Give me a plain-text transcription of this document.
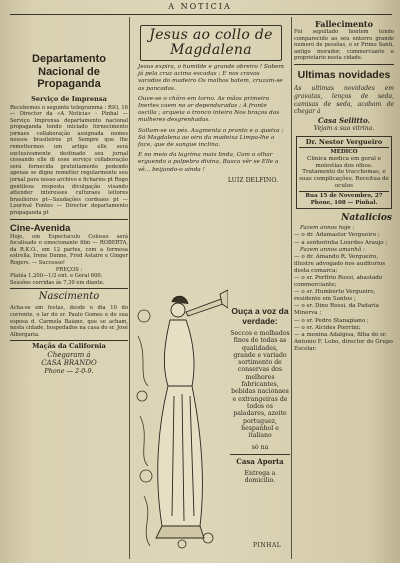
A NOTICIA
Departamento
Nacional de
Propaganda
Serviço de Imprensa
Recebemos o seguinte telegramma : RIO, 16 — Director da «A Noticia» - Pinhal — Serviço Imprensa departamento nacional propaganda tendo iniciado fornecimento jornaes collaboração assignada nomes nossos brasileiros pt Sempre que lhe remettermos um artigo elle será exclusivamente destinado seu jornal cessando elle di esse serviço collaboração será fornecida gratuitamente podendo apenas se digne remetter regularmente seu jornal para nosso archivo e ficharios pt Rogo gentileza resposta divulgação visando attender interesses culturaes leitores brasileiros pt—Saudações cordeaes pt — Lourival Fontes — Director departamento propaganda pt
Cine-Avenida
Hoje, em Espectaculo Colosso será focalisado o emocionante film — ROBERTA, da R.K.O., em 12 partes, com a formosa estrella, Irene Dunne, Fred Astaire e Ginger Rogers. — Successo!
PREÇOS :
Platéa 1,200—1/2 ent. e Geral 600.
Sessões corridas ás 7,30 em diante.
Nascimento
Acha-se em festas, desde o dia 10 do corrente, o lar do sr. Paulo Gomes e de sua esposa d. Carmela Baiano, que se acham, nesta cidade, hospedados na casa do sr. José Albergaria.
Maçãs da California
Chegaram á
CASA BRANDO
Phone — 2-0-9.
Jesus ao collo de Magdalena

Jesus expira, o humilde e grande obreiro ! Sobem já pela cruz acima escadas ; E nos cravos varados do madeiro Os malhos batem, cruzam-se as pancadas.

Ouve-se o chôro em torno. As mãos primeiro Inertes caem no ar dependuradas ; A fronte oscilla ; arqueia o tronco inteiro Nos braços das mulheres desgrenhadas.

Soltam-se os pés. Augmenta o pranto e a queixa ; Só Magdalena ao oiro da madeixa Limpa-lhe a face, que de sangue inclina.

E no meio da lagrima mais linda, Com o olhar erguendo a palpebra divina, Busca vêr se Elle a vê... beijando-o ainda !

LUIZ DELFINO.
Ouça a voz da verdade:
Seccos e molhados finos de todas as qualidades, grande e variado sortimento de conservas dos melhores fabricantes, bebidas nacionaes e extrangeiras de todos os paladares, azeite portuguez, hespanhol e italiano
só na
Casa Aporta
Entrega a domicilio.
PINHAL
Fallecimento
Foi sepultado hontem tendo comparecido ao seu enterro grande numero de pessôas, o sr Primo Santi, antigo morador, commerciante e proprietario nesta cidade.
Ultimas novidades
As ultimas novidades em gravatas, lenços de seda, camisas de seda, acabam de chegar á
Casa Sellitto.
Vejam a sua vitrina.
Dr. Nestor Vergueiro
MEDICO
Clinica medica em geral e molestias dos olhos. Tratamento de tracchomas, e suas complicações. Receitua de oculos
Rua 15 de Novembro, 27 Phone, 108 — Pinhal.
Natalicios

Fazem annos hoje :

— o dr. Adamastor Vergueiro ;

— a senhorinha Lourdes Araujo ;

Fazem annos amanhã :

— o dr. Amando R. Vergueiro, illustre advogado nos auditorios desta comarca;

— o sr. Porfirio Rossi, abastado commerciante;

— o sr. Humberto Vergueiro, residente em Santos ;

— o sr. Dino Rossi, da Padaria Minerva ;

— o sr. Pedro Stanapiano ;

— o sr. Alcides Pierrini;

— a menina Adalgisa, filha do sr. Antonio F. Lobo, director do Grupo Escolar.
